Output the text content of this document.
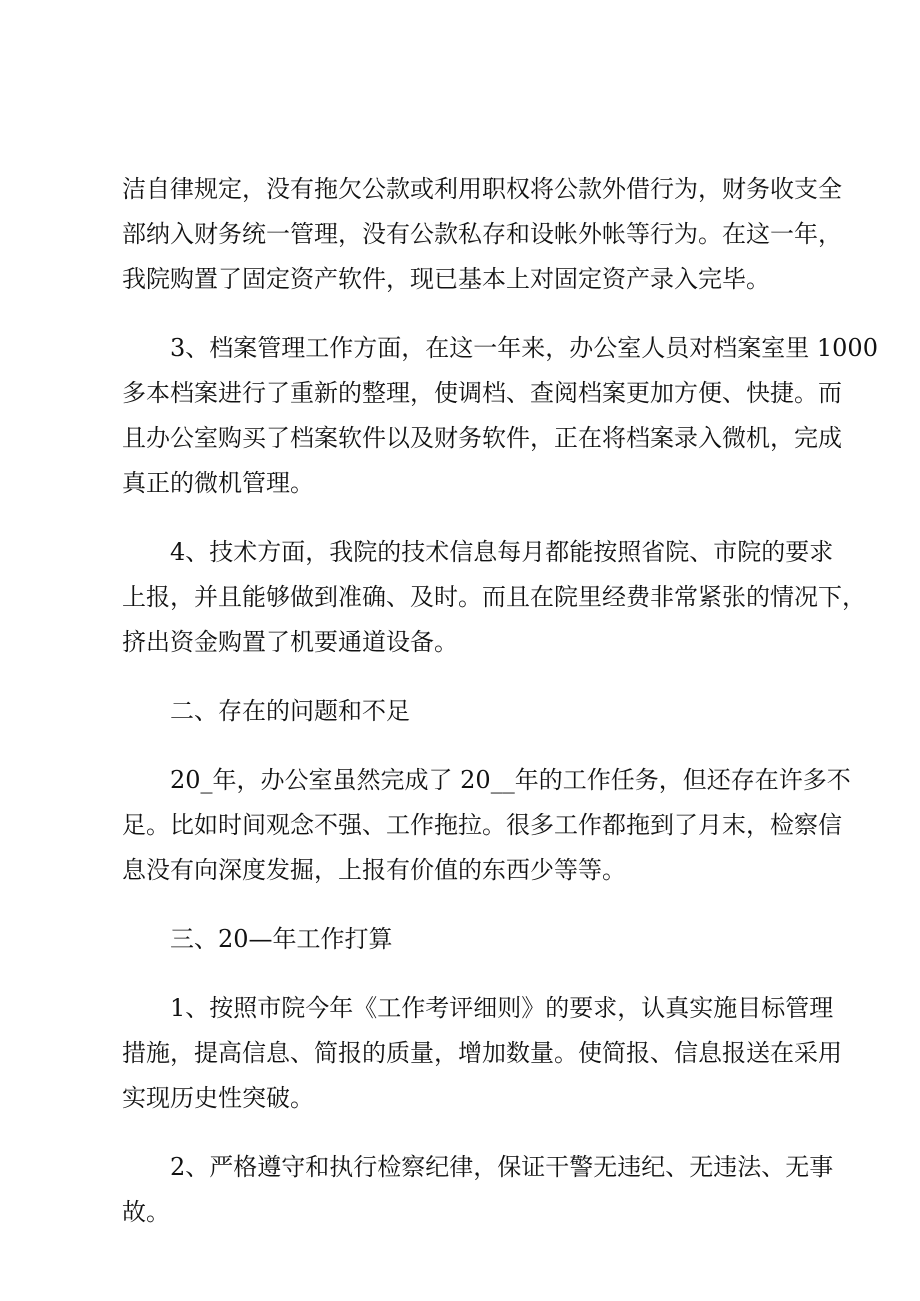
洁自律规定，没有拖欠公款或利用职权将公款外借行为，财务收支全
部纳入财务统一管理，没有公款私存和设帐外帐等行为。在这一年，
我院购置了固定资产软件，现已基本上对固定资产录入完毕。
3、档案管理工作方面，在这一年来，办公室人员对档案室里 1000
多本档案进行了重新的整理，使调档、查阅档案更加方便、快捷。而
且办公室购买了档案软件以及财务软件，正在将档案录入微机，完成
真正的微机管理。
4、技术方面，我院的技术信息每月都能按照省院、市院的要求
上报，并且能够做到准确、及时。而且在院里经费非常紧张的情况下，
挤出资金购置了机要通道设备。
二、存在的问题和不足
20_年，办公室虽然完成了 20__年的工作任务，但还存在许多不
足。比如时间观念不强、工作拖拉。很多工作都拖到了月末，检察信
息没有向深度发掘，上报有价值的东西少等等。
三、20—年工作打算
1、按照市院今年《工作考评细则》的要求，认真实施目标管理
措施，提高信息、简报的质量，增加数量。使简报、信息报送在采用
实现历史性突破。
2、严格遵守和执行检察纪律，保证干警无违纪、无违法、无事
故。
